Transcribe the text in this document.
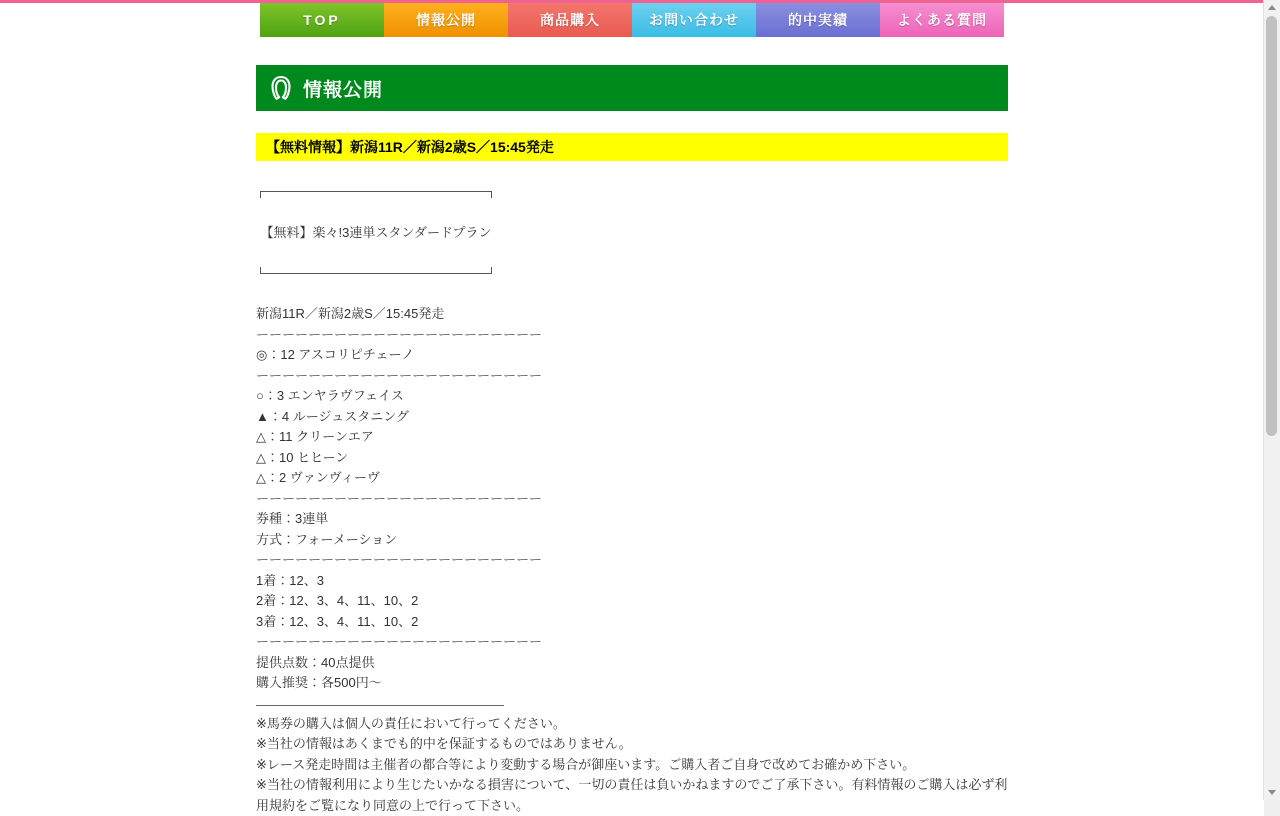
TOP	情報公開	商品購入	お問い合わせ	的中実績	よくある質問
情報公開
【無料情報】新潟11R／新潟2歳S／15:45発走
【無料】楽々!3連単スタンダードプラン
新潟11R／新潟2歳S／15:45発走
ーーーーーーーーーーーーーーーーーーーーーー
◎：12 アスコリピチェーノ
ーーーーーーーーーーーーーーーーーーーーーー
○：3 エンヤラヴフェイス
▲：4 ルージュスタニング
△：11 クリーンエア
△：10 ヒヒーン
△：2 ヴァンヴィーヴ
ーーーーーーーーーーーーーーーーーーーーーー
券種：3連単
方式：フォーメーション
ーーーーーーーーーーーーーーーーーーーーーー
1着：12、3
2着：12、3、4、11、10、2
3着：12、3、4、11、10、2
ーーーーーーーーーーーーーーーーーーーーーー
提供点数：40点提供
購入推奨：各500円〜
※馬券の購入は個人の責任において行ってください。
※当社の情報はあくまでも的中を保証するものではありません。
※レース発走時間は主催者の都合等により変動する場合が御座います。ご購入者ご自身で改めてお確かめ下さい。
※当社の情報利用により生じたいかなる損害について、一切の責任は負いかねますのでご了承下さい。有料情報のご購入は必ず利用規約をご覧になり同意の上で行って下さい。
